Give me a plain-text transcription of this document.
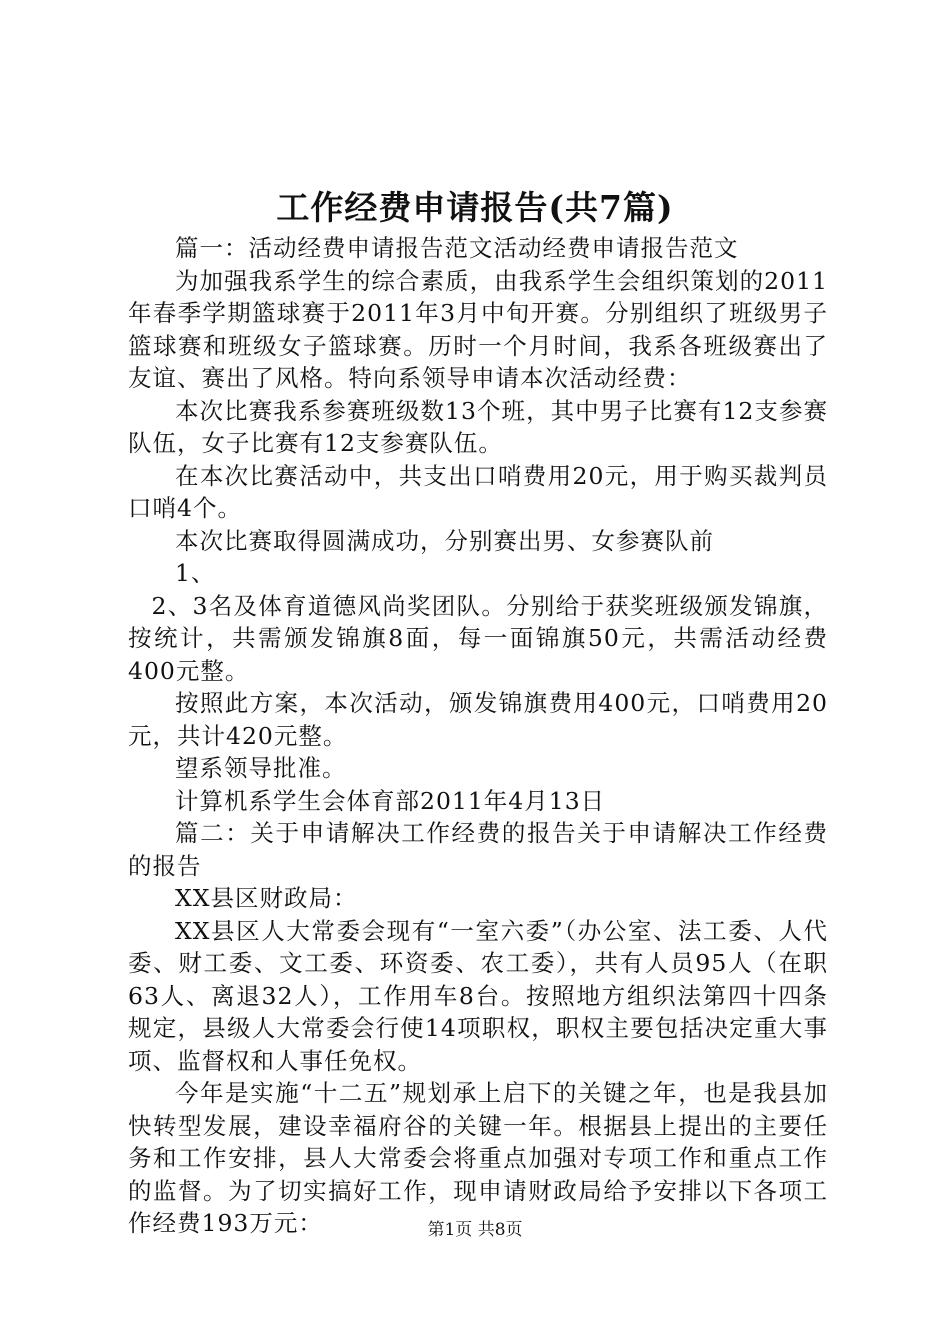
工作经费申请报告(共7篇)

篇一：活动经费申请报告范文活动经费申请报告范文

为加强我系学生的综合素质，由我系学生会组织策划的2011年春季学期篮球赛于2011年3月中旬开赛。分别组织了班级男子篮球赛和班级女子篮球赛。历时一个月时间，我系各班级赛出了友谊、赛出了风格。特向系领导申请本次活动经费：

本次比赛我系参赛班级数13个班，其中男子比赛有12支参赛队伍，女子比赛有12支参赛队伍。

在本次比赛活动中，共支出口哨费用20元，用于购买裁判员口哨4个。

本次比赛取得圆满成功，分别赛出男、女参赛队前

1、

2、3名及体育道德风尚奖团队。分别给于获奖班级颁发锦旗，按统计，共需颁发锦旗8面，每一面锦旗50元，共需活动经费400元整。

按照此方案，本次活动，颁发锦旗费用400元，口哨费用20元，共计420元整。

望系领导批准。

计算机系学生会体育部2011年4月13日

篇二：关于申请解决工作经费的报告关于申请解决工作经费的报告

XX县区财政局：

XX县区人大常委会现有“一室六委”（办公室、法工委、人代委、财工委、文工委、环资委、农工委），共有人员95人（在职63人、离退32人），工作用车8台。按照地方组织法第四十四条规定，县级人大常委会行使14项职权，职权主要包括决定重大事项、监督权和人事任免权。

今年是实施“十二五”规划承上启下的关键之年，也是我县加快转型发展，建设幸福府谷的关键一年。根据县上提出的主要任务和工作安排，县人大常委会将重点加强对专项工作和重点工作的监督。为了切实搞好工作，现申请财政局给予安排以下各项工作经费193万元：	第1页 共8页
